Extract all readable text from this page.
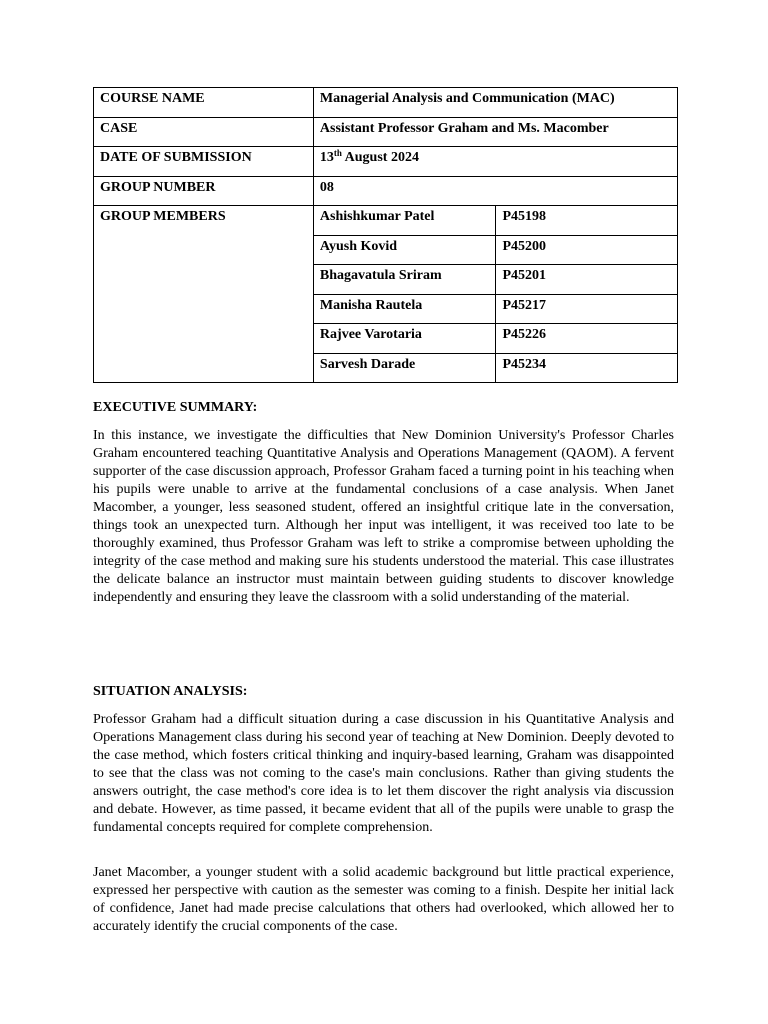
COURSE NAME	Managerial Analysis and Communication (MAC)	
CASE	Assistant Professor Graham and Ms. Macomber	
DATE OF SUBMISSION	13th August 2024	
GROUP NUMBER	08	
GROUP MEMBERS	Ashishkumar Patel	P45198
	Ayush Kovid	P45200
	Bhagavatula Sriram	P45201
	Manisha Rautela	P45217
	Rajvee Varotaria	P45226
	Sarvesh Darade	P45234
EXECUTIVE SUMMARY:

In this instance, we investigate the difficulties that New Dominion University's Professor Charles Graham encountered teaching Quantitative Analysis and Operations Management (QAOM). A fervent supporter of the case discussion approach, Professor Graham faced a turning point in his teaching when his pupils were unable to arrive at the fundamental conclusions of a case analysis. When Janet Macomber, a younger, less seasoned student, offered an insightful critique late in the conversation, things took an unexpected turn. Although her input was intelligent, it was received too late to be thoroughly examined, thus Professor Graham was left to strike a compromise between upholding the integrity of the case method and making sure his students understood the material. This case illustrates the delicate balance an instructor must maintain between guiding students to discover knowledge independently and ensuring they leave the classroom with a solid understanding of the material.

SITUATION ANALYSIS:

Professor Graham had a difficult situation during a case discussion in his Quantitative Analysis and Operations Management class during his second year of teaching at New Dominion. Deeply devoted to the case method, which fosters critical thinking and inquiry-based learning, Graham was disappointed to see that the class was not coming to the case's main conclusions. Rather than giving students the answers outright, the case method's core idea is to let them discover the right analysis via discussion and debate. However, as time passed, it became evident that all of the pupils were unable to grasp the fundamental concepts required for complete comprehension.

Janet Macomber, a younger student with a solid academic background but little practical experience, expressed her perspective with caution as the semester was coming to a finish. Despite her initial lack of confidence, Janet had made precise calculations that others had overlooked, which allowed her to accurately identify the crucial components of the case.
